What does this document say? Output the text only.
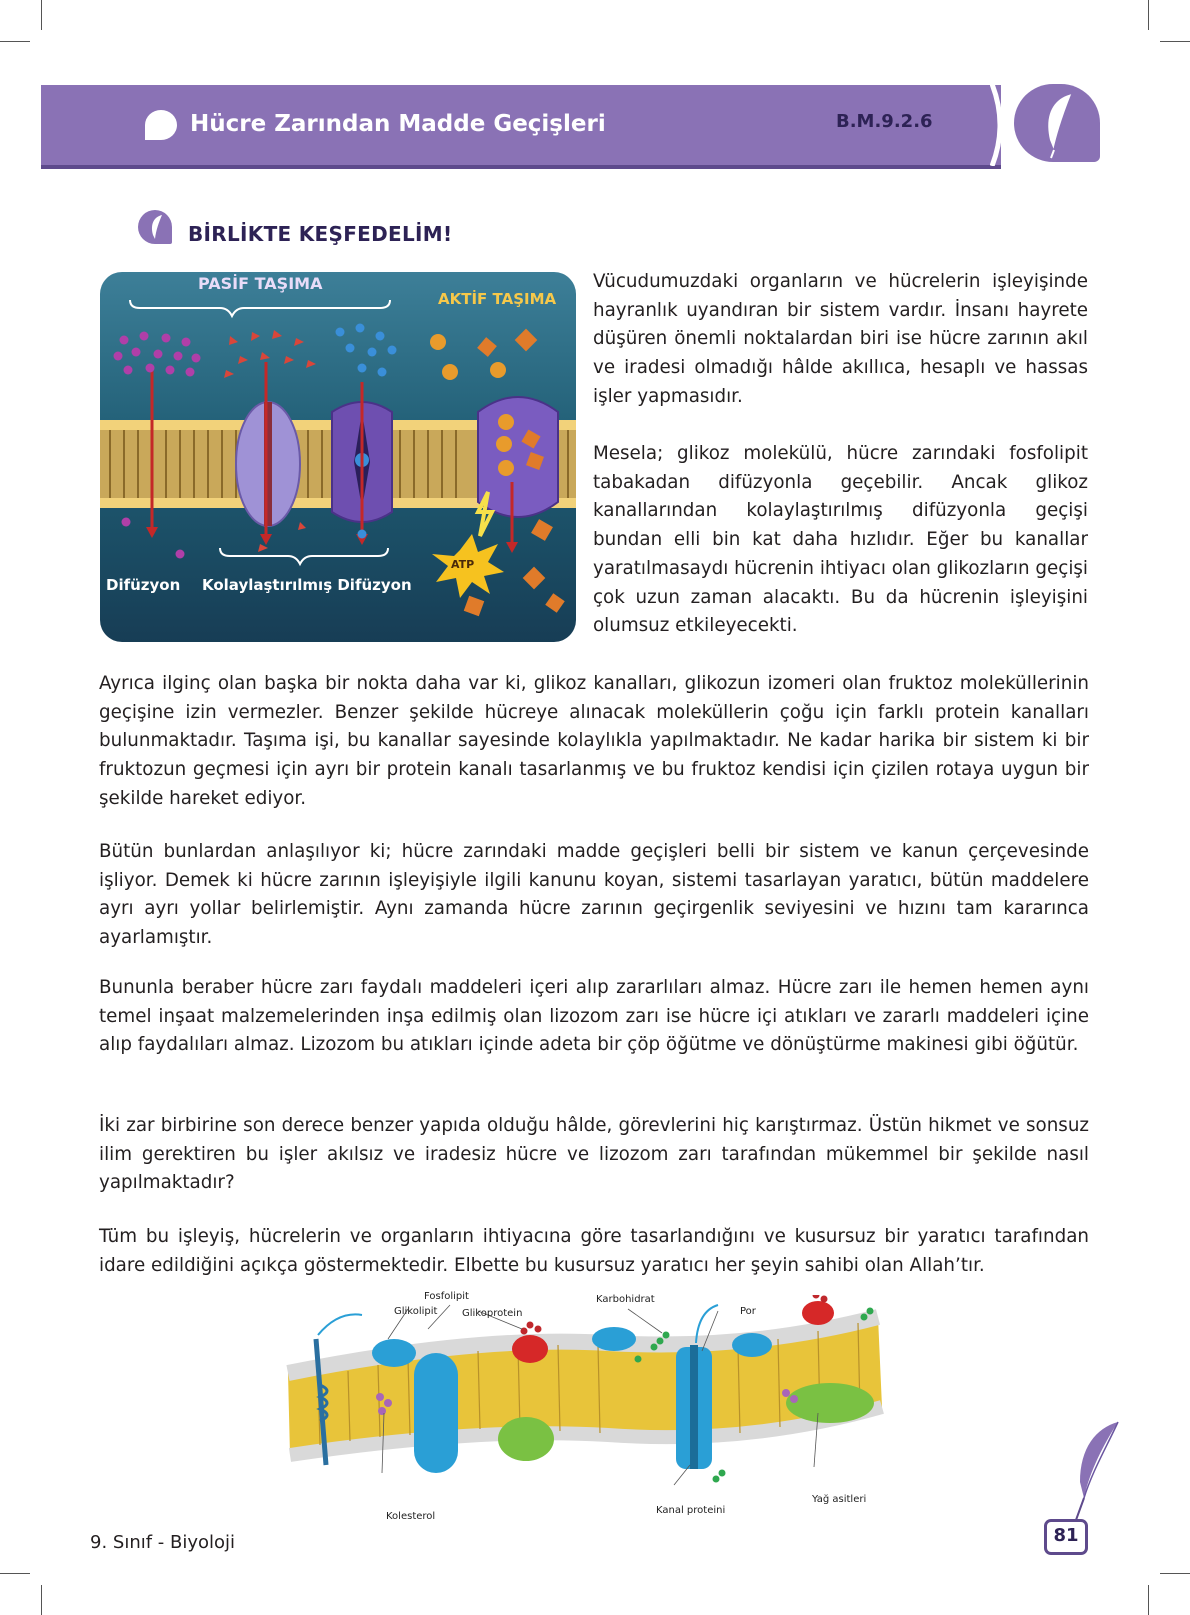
Hücre Zarından Madde Geçişleri	B.M.9.2.6
BİRLİKTE KEŞFEDELİM!
PASİF TAŞIMA
AKTİF TAŞIMA
Difüzyon Kolaylaştırılmış Difüzyon
ATP

Vücudumuzdaki organların ve hücrelerin işleyişinde hayranlık uyandıran bir sistem vardır. İnsanı hayrete düşüren önemli noktalardan biri ise hücre zarının akıl ve iradesi olmadığı hâlde akıllıca, hesaplı ve hassas işler yapmasıdır.

Mesela; glikoz molekülü, hücre zarındaki fosfolipit tabakadan difüzyonla geçebilir. Ancak glikoz kanallarından kolaylaştırılmış difüzyonla geçişi bundan elli bin kat daha hızlıdır. Eğer bu kanallar yaratılmasaydı hücrenin ihtiyacı olan glikozların geçişi çok uzun zaman alacaktı. Bu da hücrenin işleyişini olumsuz etkileyecekti.

Ayrıca ilginç olan başka bir nokta daha var ki, glikoz kanalları, glikozun izomeri olan fruktoz moleküllerinin geçişine izin vermezler. Benzer şekilde hücreye alınacak moleküllerin çoğu için farklı protein kanalları bulunmaktadır. Taşıma işi, bu kanallar sayesinde kolaylıkla yapılmaktadır. Ne kadar harika bir sistem ki bir fruktozun geçmesi için ayrı bir protein kanalı tasarlanmış ve bu fruktoz kendisi için çizilen rotaya uygun bir şekilde hareket ediyor.

Bütün bunlardan anlaşılıyor ki; hücre zarındaki madde geçişleri belli bir sistem ve kanun çerçevesinde işliyor. Demek ki hücre zarının işleyişiyle ilgili kanunu koyan, sistemi tasarlayan yaratıcı, bütün maddelere ayrı ayrı yollar belirlemiştir. Aynı zamanda hücre zarının geçirgenlik seviyesini ve hızını tam kararınca ayarlamıştır.

Bununla beraber hücre zarı faydalı maddeleri içeri alıp zararlıları almaz. Hücre zarı ile hemen hemen aynı temel inşaat malzemelerinden inşa edilmiş olan lizozom zarı ise hücre içi atıkları ve zararlı maddeleri içine alıp faydalıları almaz. Lizozom bu atıkları içinde adeta bir çöp öğütme ve dönüştürme makinesi gibi öğütür.

İki zar birbirine son derece benzer yapıda olduğu hâlde, görevlerini hiç karıştırmaz. Üstün hikmet ve sonsuz ilim gerektiren bu işler akılsız ve iradesiz hücre ve lizozom zarı tarafından mükemmel bir şekilde nasıl yapılmaktadır?

Tüm bu işleyiş, hücrelerin ve organların ihtiyacına göre tasarlandığını ve kusursuz bir yaratıcı tarafından idare edildiğini açıkça göstermektedir. Elbette bu kusursuz yaratıcı her şeyin sahibi olan Allah’tır.

Fosfolipit	Karbohidrat
Glikolipit Glikoprotein	Por
Kolesterol
Kanal proteini
Yağ asitleri
9. Sınıf - Biyoloji	81
